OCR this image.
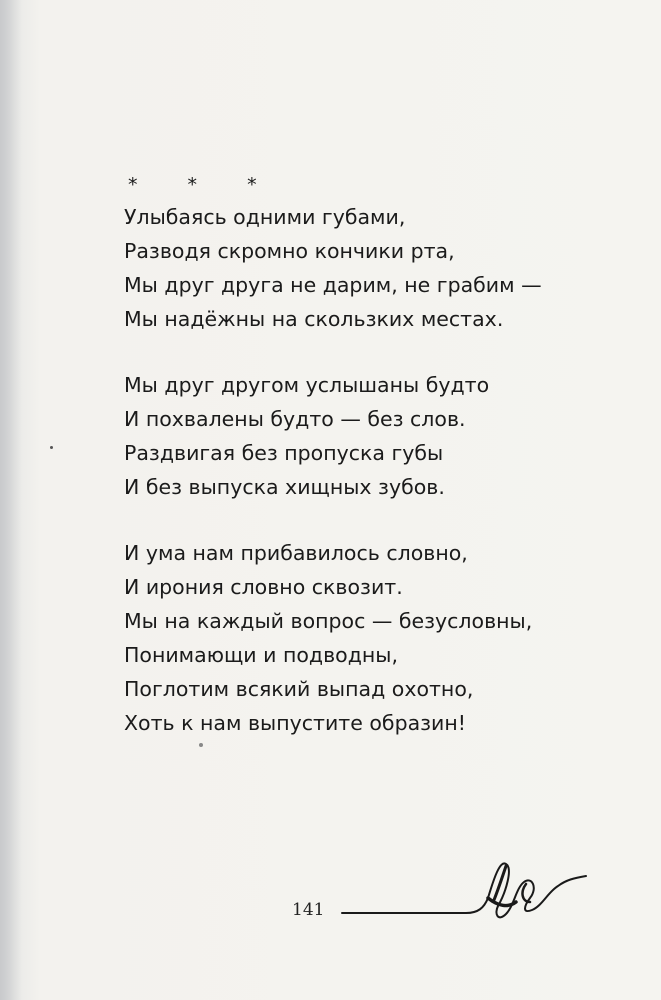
* * *
Улыбаясь одними губами,
Разводя скромно кончики рта,
Мы друг друга не дарим, не грабим —
Мы надёжны на скользких местах.
Мы друг другом услышаны будто
И похвалены будто — без слов.
Раздвигая без пропуска губы
И без выпуска хищных зубов.
И ума нам прибавилось словно,
И ирония словно сквозит.
Мы на каждый вопрос — безусловны,
Понимающи и подводны,
Поглотим всякий выпад охотно,
Хоть к нам выпустите образин!
141
